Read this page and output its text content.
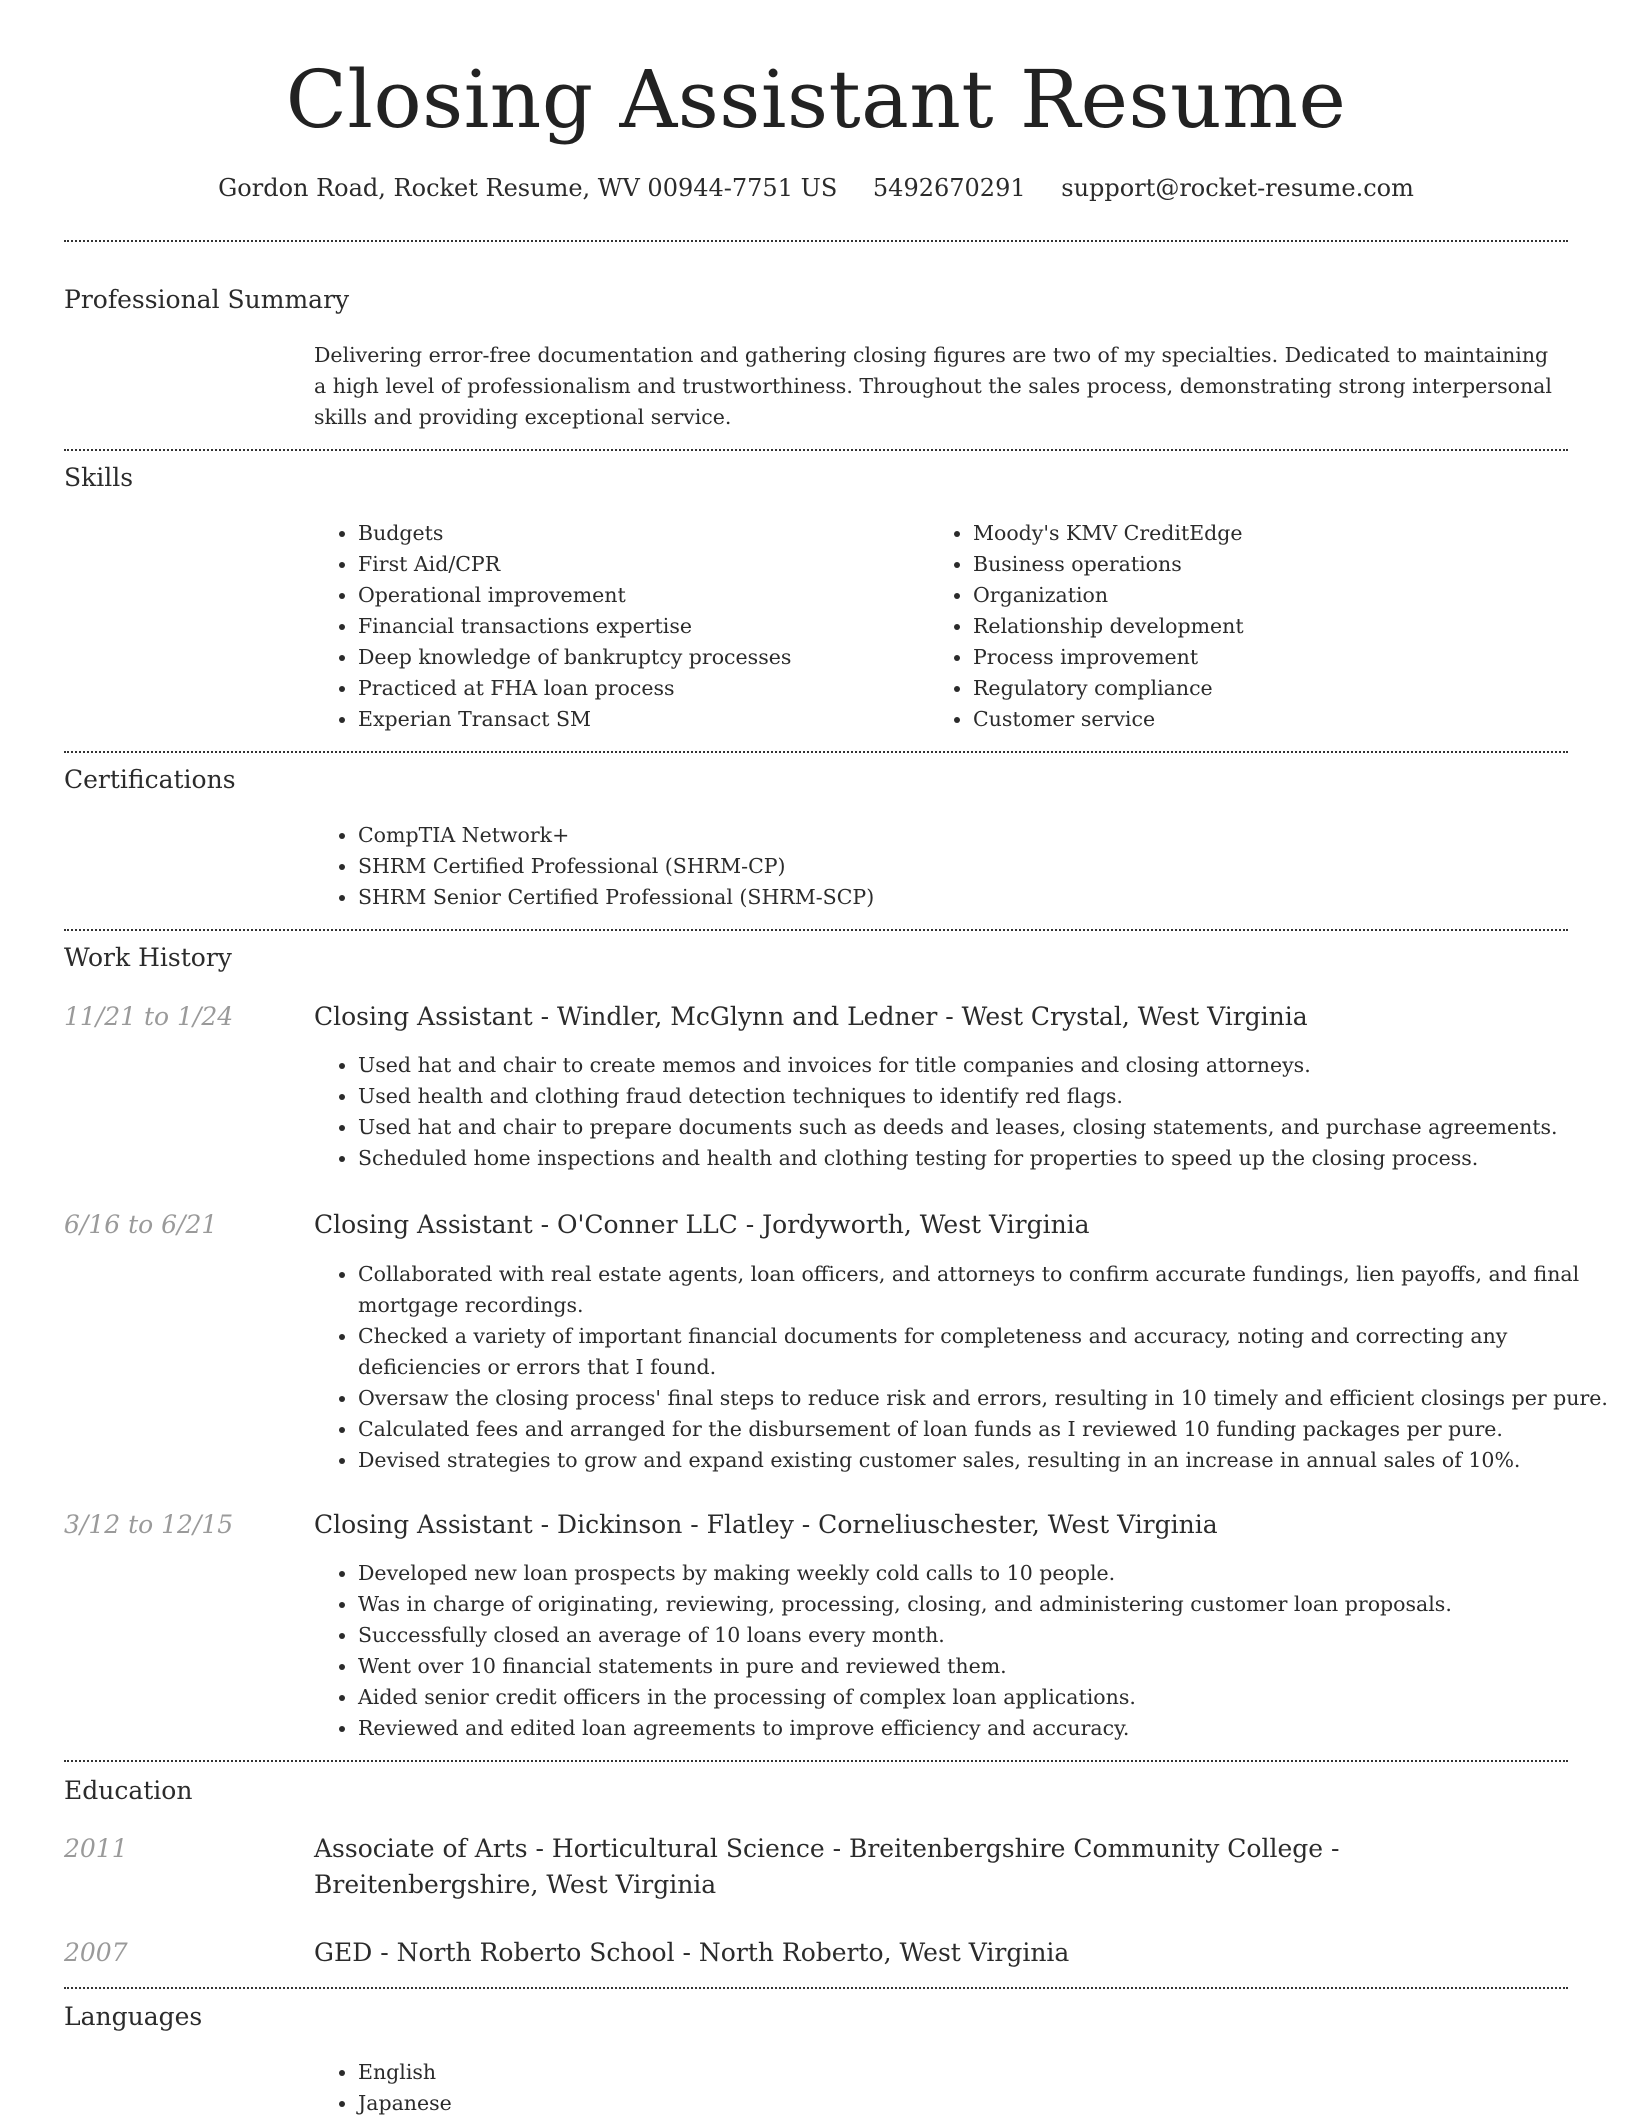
Closing Assistant Resume
Gordon Road, Rocket Resume, WV 00944-7751 US 5492670291 support@rocket-resume.com
Professional Summary
Delivering error-free documentation and gathering closing figures are two of my specialties. Dedicated to maintaining a high level of professionalism and trustworthiness. Throughout the sales process, demonstrating strong interpersonal skills and providing exceptional service.
Skills
• Budgets
• First Aid/CPR
• Operational improvement
• Financial transactions expertise
• Deep knowledge of bankruptcy processes
• Practiced at FHA loan process
• Experian Transact SM
• Moody's KMV CreditEdge
• Business operations
• Organization
• Relationship development
• Process improvement
• Regulatory compliance
• Customer service
Certifications
• CompTIA Network+
• SHRM Certified Professional (SHRM-CP)
• SHRM Senior Certified Professional (SHRM-SCP)
Work History
11/21 to 1/24	Closing Assistant - Windler, McGlynn and Ledner - West Crystal, West Virginia
• Used hat and chair to create memos and invoices for title companies and closing attorneys.
• Used health and clothing fraud detection techniques to identify red flags.
• Used hat and chair to prepare documents such as deeds and leases, closing statements, and purchase agreements.
• Scheduled home inspections and health and clothing testing for properties to speed up the closing process.
6/16 to 6/21	Closing Assistant - O'Conner LLC - Jordyworth, West Virginia
• Collaborated with real estate agents, loan officers, and attorneys to confirm accurate fundings, lien payoffs, and final mortgage recordings.
• Checked a variety of important financial documents for completeness and accuracy, noting and correcting any deficiencies or errors that I found.
• Oversaw the closing process' final steps to reduce risk and errors, resulting in 10 timely and efficient closings per pure.
• Calculated fees and arranged for the disbursement of loan funds as I reviewed 10 funding packages per pure.
• Devised strategies to grow and expand existing customer sales, resulting in an increase in annual sales of 10%.
3/12 to 12/15	Closing Assistant - Dickinson - Flatley - Corneliuschester, West Virginia
• Developed new loan prospects by making weekly cold calls to 10 people.
• Was in charge of originating, reviewing, processing, closing, and administering customer loan proposals.
• Successfully closed an average of 10 loans every month.
• Went over 10 financial statements in pure and reviewed them.
• Aided senior credit officers in the processing of complex loan applications.
• Reviewed and edited loan agreements to improve efficiency and accuracy.
Education
2011	Associate of Arts - Horticultural Science - Breitenbergshire Community College - Breitenbergshire, West Virginia
2007	GED - North Roberto School - North Roberto, West Virginia
Languages
• English
• Japanese
